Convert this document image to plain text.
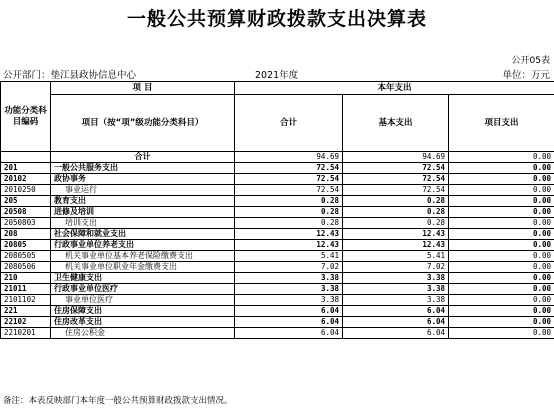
一般公共预算财政拨款支出决算表
公开05表
公开部门：垫江县政协信息中心	2021年度	单位：万元
功能分类科目编码	项 目	本年支出		
	项目（按“项”级功能分类科目）	合计	基本支出	项目支出
	合计	94.69	94.69	0.00
201	一般公共服务支出	72.54	72.54	0.00
20102	政协事务	72.54	72.54	0.00
2010250	事业运行	72.54	72.54	0.00
205	教育支出	0.28	0.28	0.00
20508	进修及培训	0.28	0.28	0.00
2050803	培训支出	0.28	0.28	0.00
208	社会保障和就业支出	12.43	12.43	0.00
20805	行政事业单位养老支出	12.43	12.43	0.00
2080505	机关事业单位基本养老保险缴费支出	5.41	5.41	0.00
2080506	机关事业单位职业年金缴费支出	7.02	7.02	0.00
210	卫生健康支出	3.38	3.38	0.00
21011	行政事业单位医疗	3.38	3.38	0.00
2101102	事业单位医疗	3.38	3.38	0.00
221	住房保障支出	6.04	6.04	0.00
22102	住房改革支出	6.04	6.04	0.00
2210201	住房公积金	6.04	6.04	0.00
备注：本表反映部门本年度一般公共预算财政拨款支出情况。
